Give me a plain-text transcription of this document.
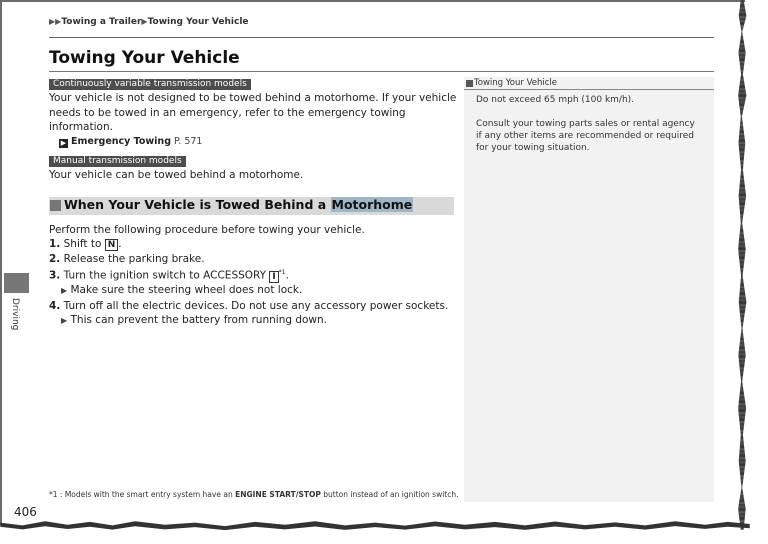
▶▶Towing a Trailer▶Towing Your Vehicle
Towing Your Vehicle
Continuously variable transmission models
Your vehicle is not designed to be towed behind a motorhome. If your vehicle needs to be towed in an emergency, refer to the emergency towing information.
▶ Emergency Towing P. 571
Manual transmission models
Your vehicle can be towed behind a motorhome.
When Your Vehicle is Towed Behind a Motorhome
Perform the following procedure before towing your vehicle.
1. Shift to N .
2. Release the parking brake.
3. Turn the ignition switch to ACCESSORY I $^{*1}$.
▶ Make sure the steering wheel does not lock.
4. Turn off all the electric devices. Do not use any accessory power sockets.
▶ This can prevent the battery from running down.
Towing Your Vehicle

Do not exceed 65 mph (100 km/h).

Consult your towing parts sales or rental agency if any other items are recommended or required for your towing situation.

*1 : Models with the smart entry system have an ENGINE START/STOP button instead of an ignition switch.
Driving
406
